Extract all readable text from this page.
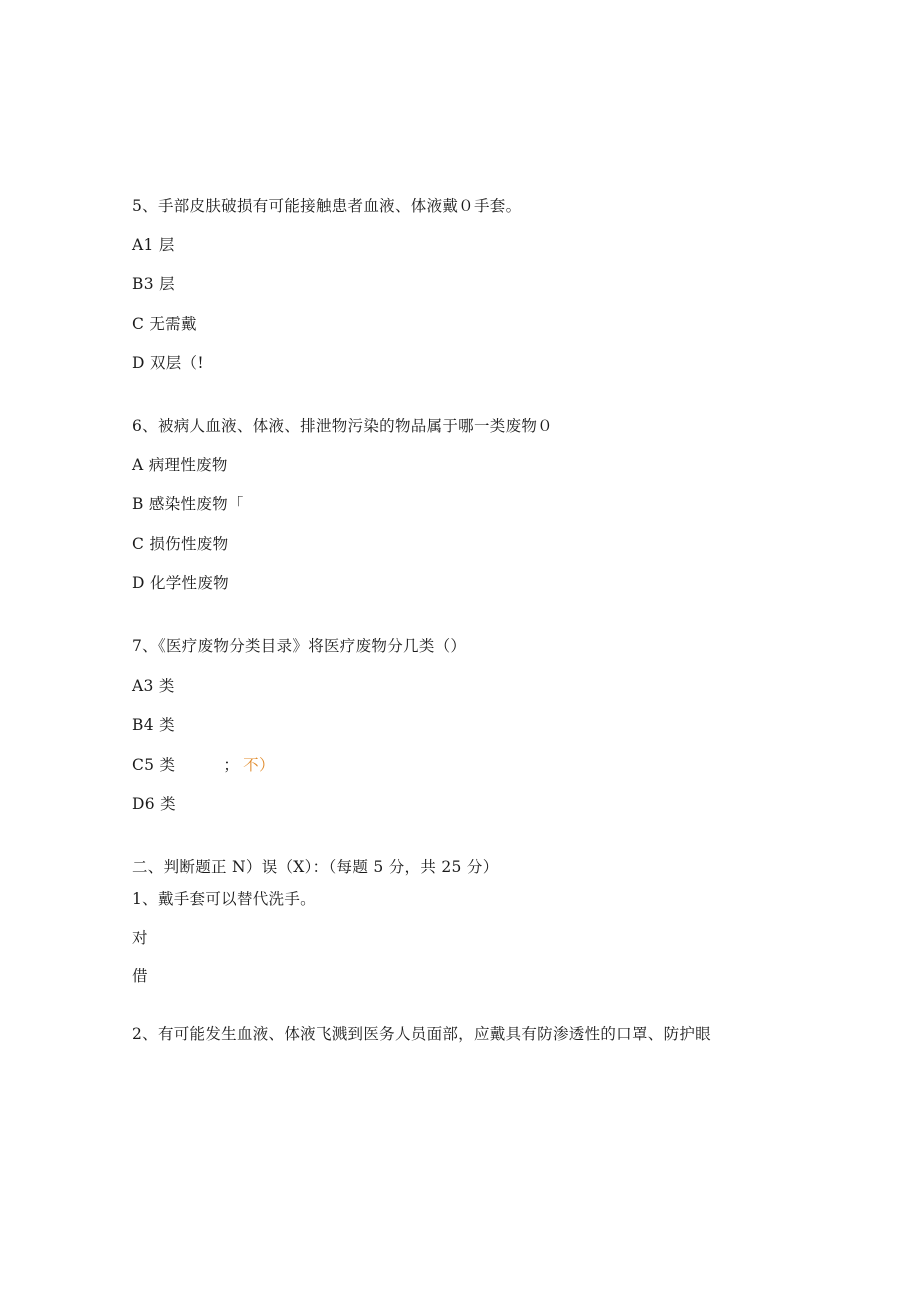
5、手部皮肤破损有可能接触患者血液、体液戴０手套。
A1 层
B3 层
C 无需戴
D 双层（!
6、被病人血液、体液、排泄物污染的物品属于哪一类废物０
A 病理性废物
B 感染性废物「
C 损伤性废物
D 化学性废物
7、《医疗废物分类目录》将医疗废物分几类（）
A3 类
B4 类
C5 类	； 不）
D6 类
二、判断题正 N）误（X）：（每题 5 分，共 25 分）
1、戴手套可以替代洗手。
对
借
2、有可能发生血液、体液飞溅到医务人员面部，应戴具有防渗透性的口罩、防护眼
